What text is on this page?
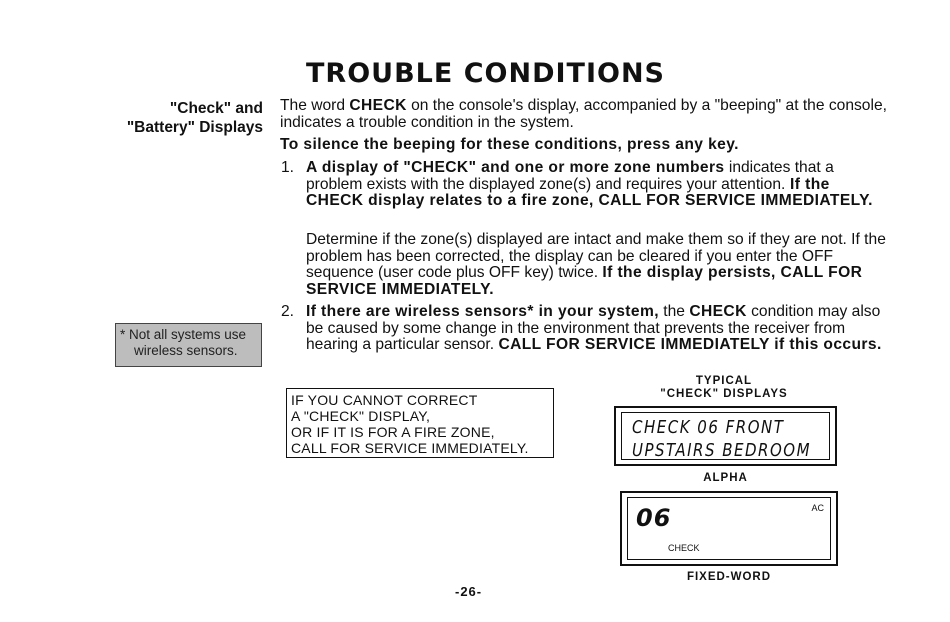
TROUBLE CONDITIONS
"Check" and
"Battery" Displays
The word CHECK on the console's display, accompanied by a "beeping" at the console, indicates a trouble condition in the system.
To silence the beeping for these conditions, press any key.
1. A display of "CHECK" and one or more zone numbers indicates that a problem exists with the displayed zone(s) and requires your attention. If the CHECK display relates to a fire zone, CALL FOR SERVICE IMMEDIATELY.
Determine if the zone(s) displayed are intact and make them so if they are not. If the problem has been corrected, the display can be cleared if you enter the OFF sequence (user code plus OFF key) twice. If the display persists, CALL FOR SERVICE IMMEDIATELY.
2. If there are wireless sensors* in your system, the CHECK condition may also be caused by some change in the environment that prevents the receiver from hearing a particular sensor. CALL FOR SERVICE IMMEDIATELY if this occurs.
* Not all systems use
wireless sensors.
IF YOU CANNOT CORRECT
A "CHECK" DISPLAY,
OR IF IT IS FOR A FIRE ZONE,
CALL FOR SERVICE IMMEDIATELY.
TYPICAL
"CHECK" DISPLAYS
CHECK 06 FRONT
UPSTAIRS BEDROOM
ALPHA
06	AC
CHECK
FIXED-WORD
-26-
